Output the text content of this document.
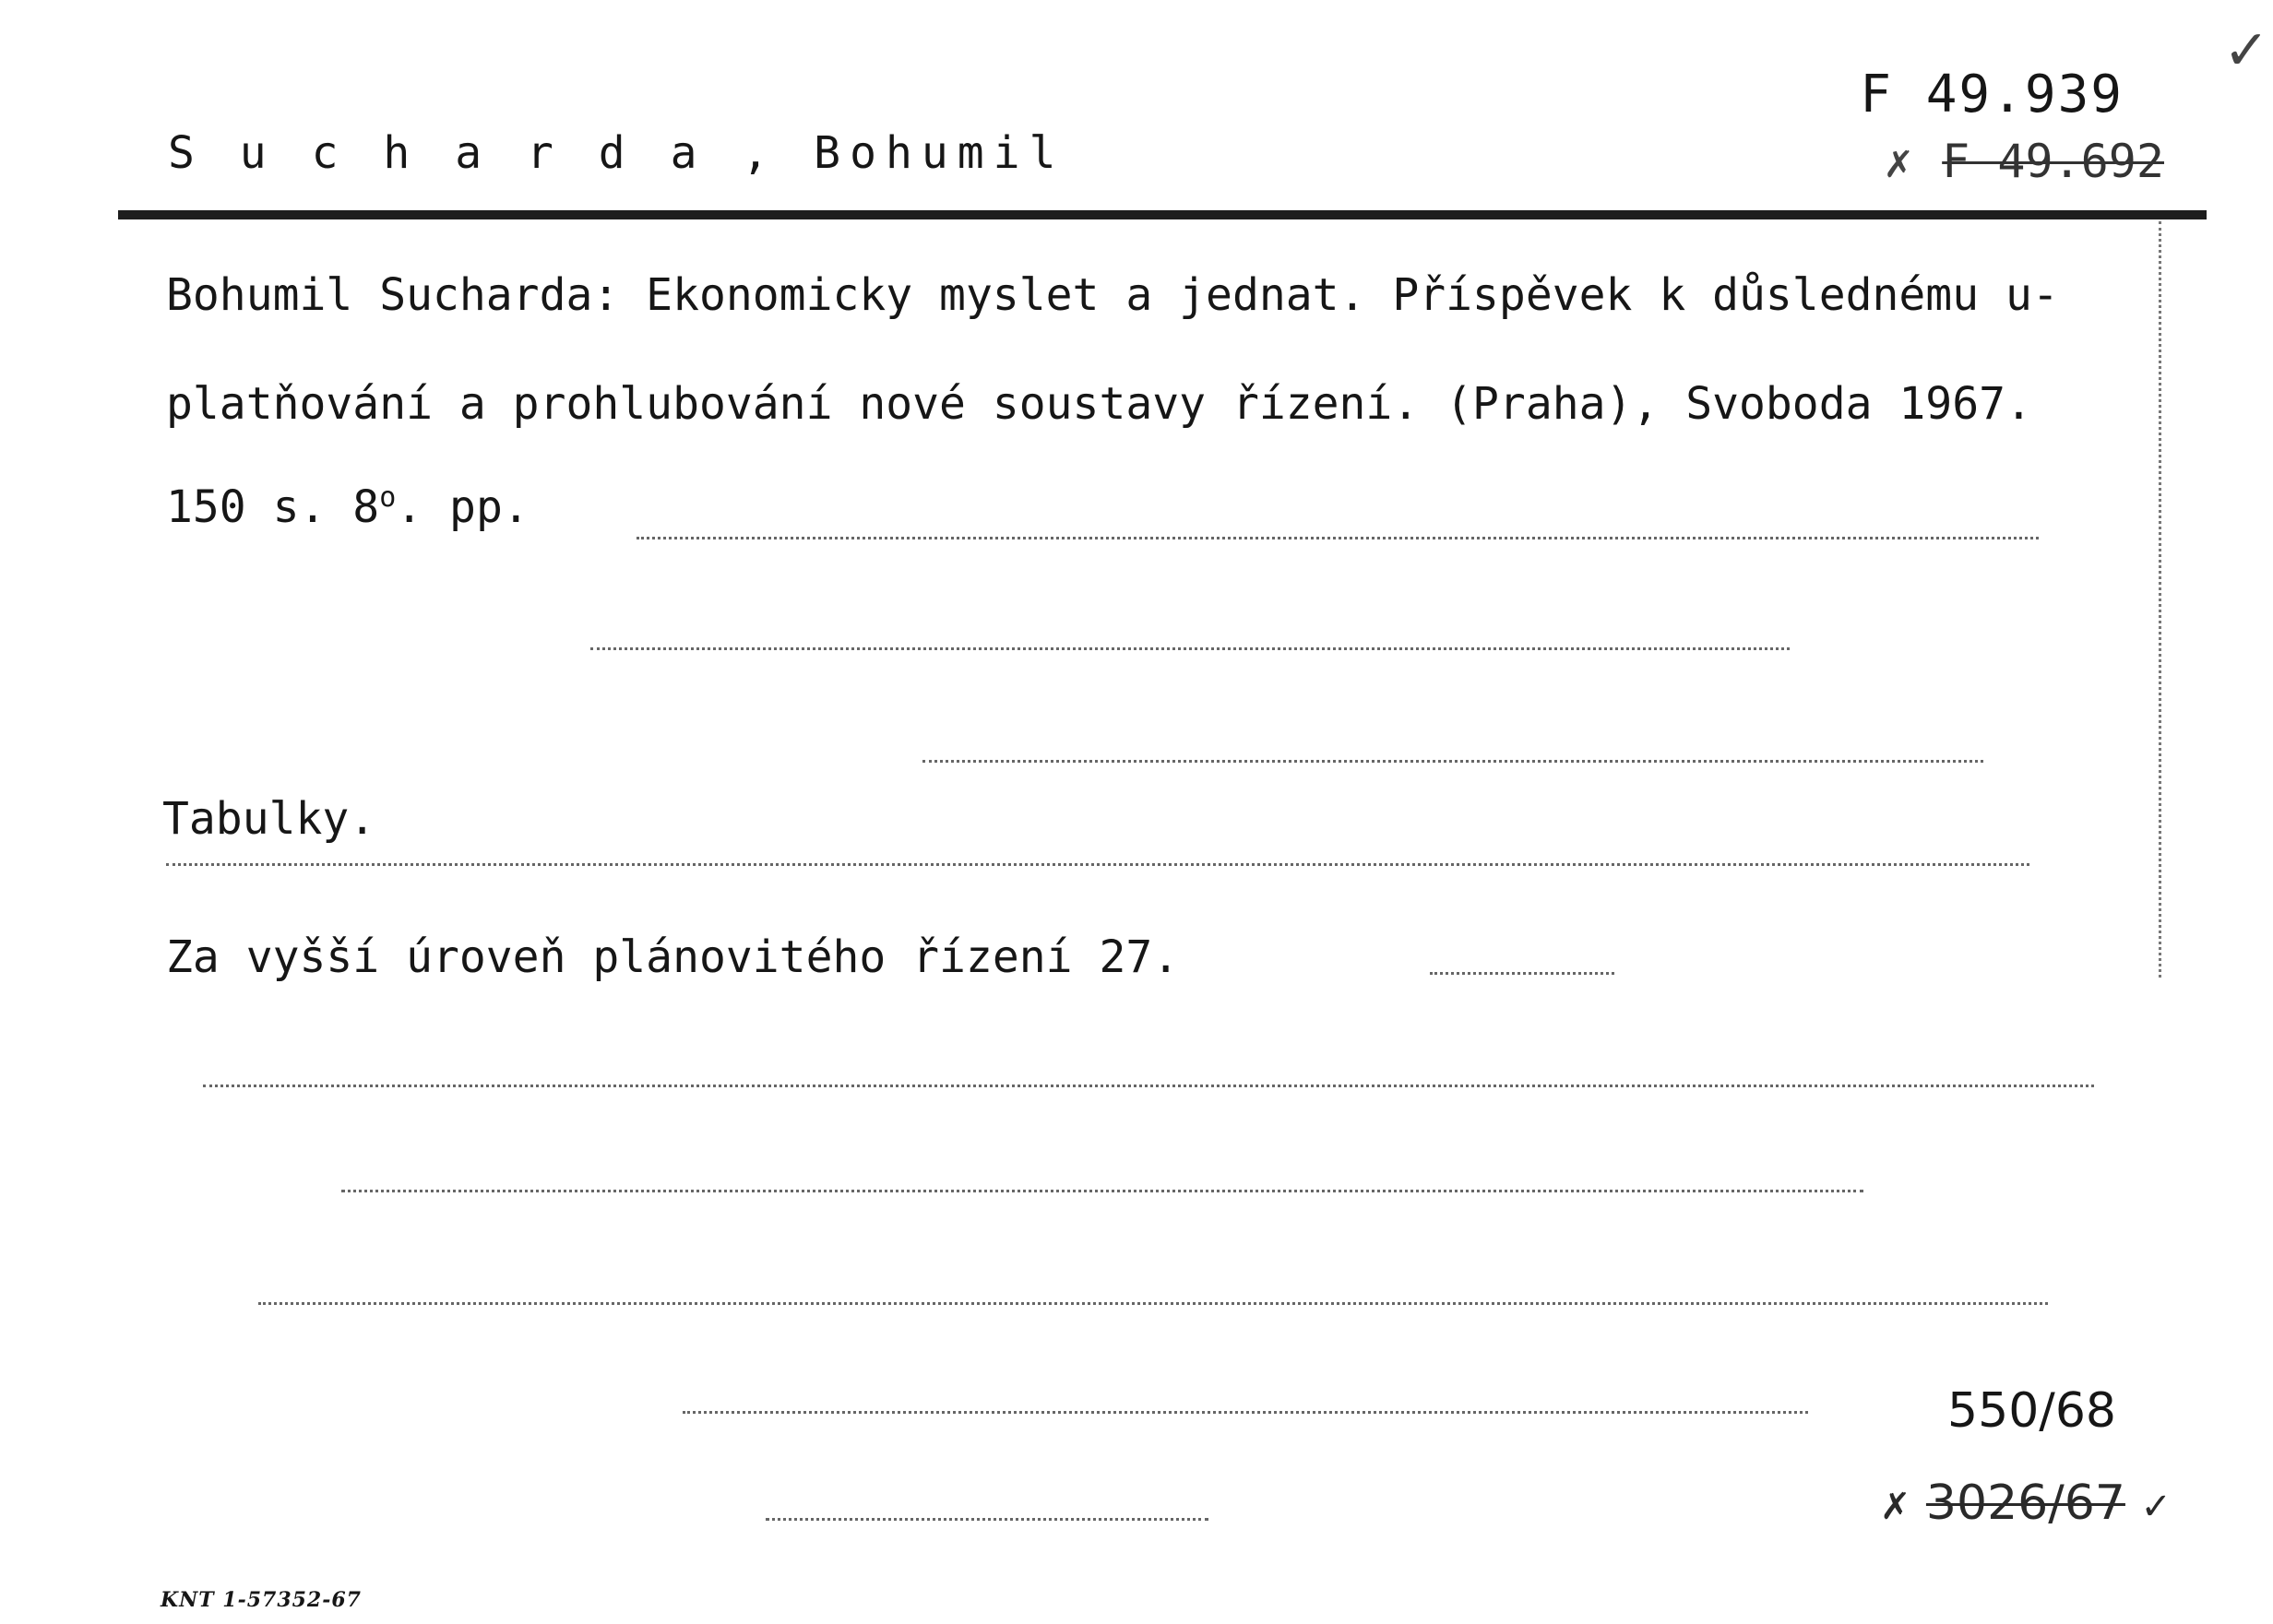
S u c h a r d a , Bohumil
F 49.939
✗ F 49.692
Bohumil Sucharda: Ekonomicky myslet a jednat. Příspěvek k důslednému u-
platňování a prohlubování nové soustavy řízení. (Praha), Svoboda 1967.
150 s. 8$^o$. pp.
Tabulky.
Za vyšší úroveň plánovitého řízení 27.
550/68
✗ 3026/67 ✓
KNT 1-57352-67
✓
